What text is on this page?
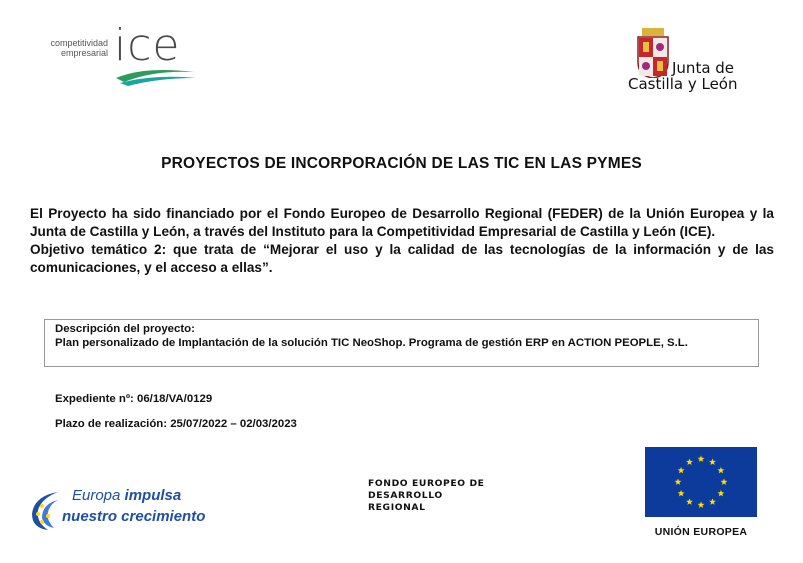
competitividad
empresarial ice	Junta de
Castilla y León
PROYECTOS DE INCORPORACIÓN DE LAS TIC EN LAS PYMES

El Proyecto ha sido financiado por el Fondo Europeo de Desarrollo Regional (FEDER) de la Unión Europea y la Junta de Castilla y León, a través del Instituto para la Competitividad Empresarial de Castilla y León (ICE).

Objetivo temático 2: que trata de “Mejorar el uso y la calidad de las tecnologías de la información y de las comunicaciones, y el acceso a ellas”.

Descripción del proyecto:
Plan personalizado de Implantación de la solución TIC NeoShop. Programa de gestión ERP en ACTION PEOPLE, S.L.
Expediente nº: 06/18/VA/0129
Plazo de realización: 25/07/2022 – 02/03/2023
Europa impulsa
nuestro crecimiento
FONDO EUROPEO DE
DESARROLLO
REGIONAL
UNIÓN EUROPEA
